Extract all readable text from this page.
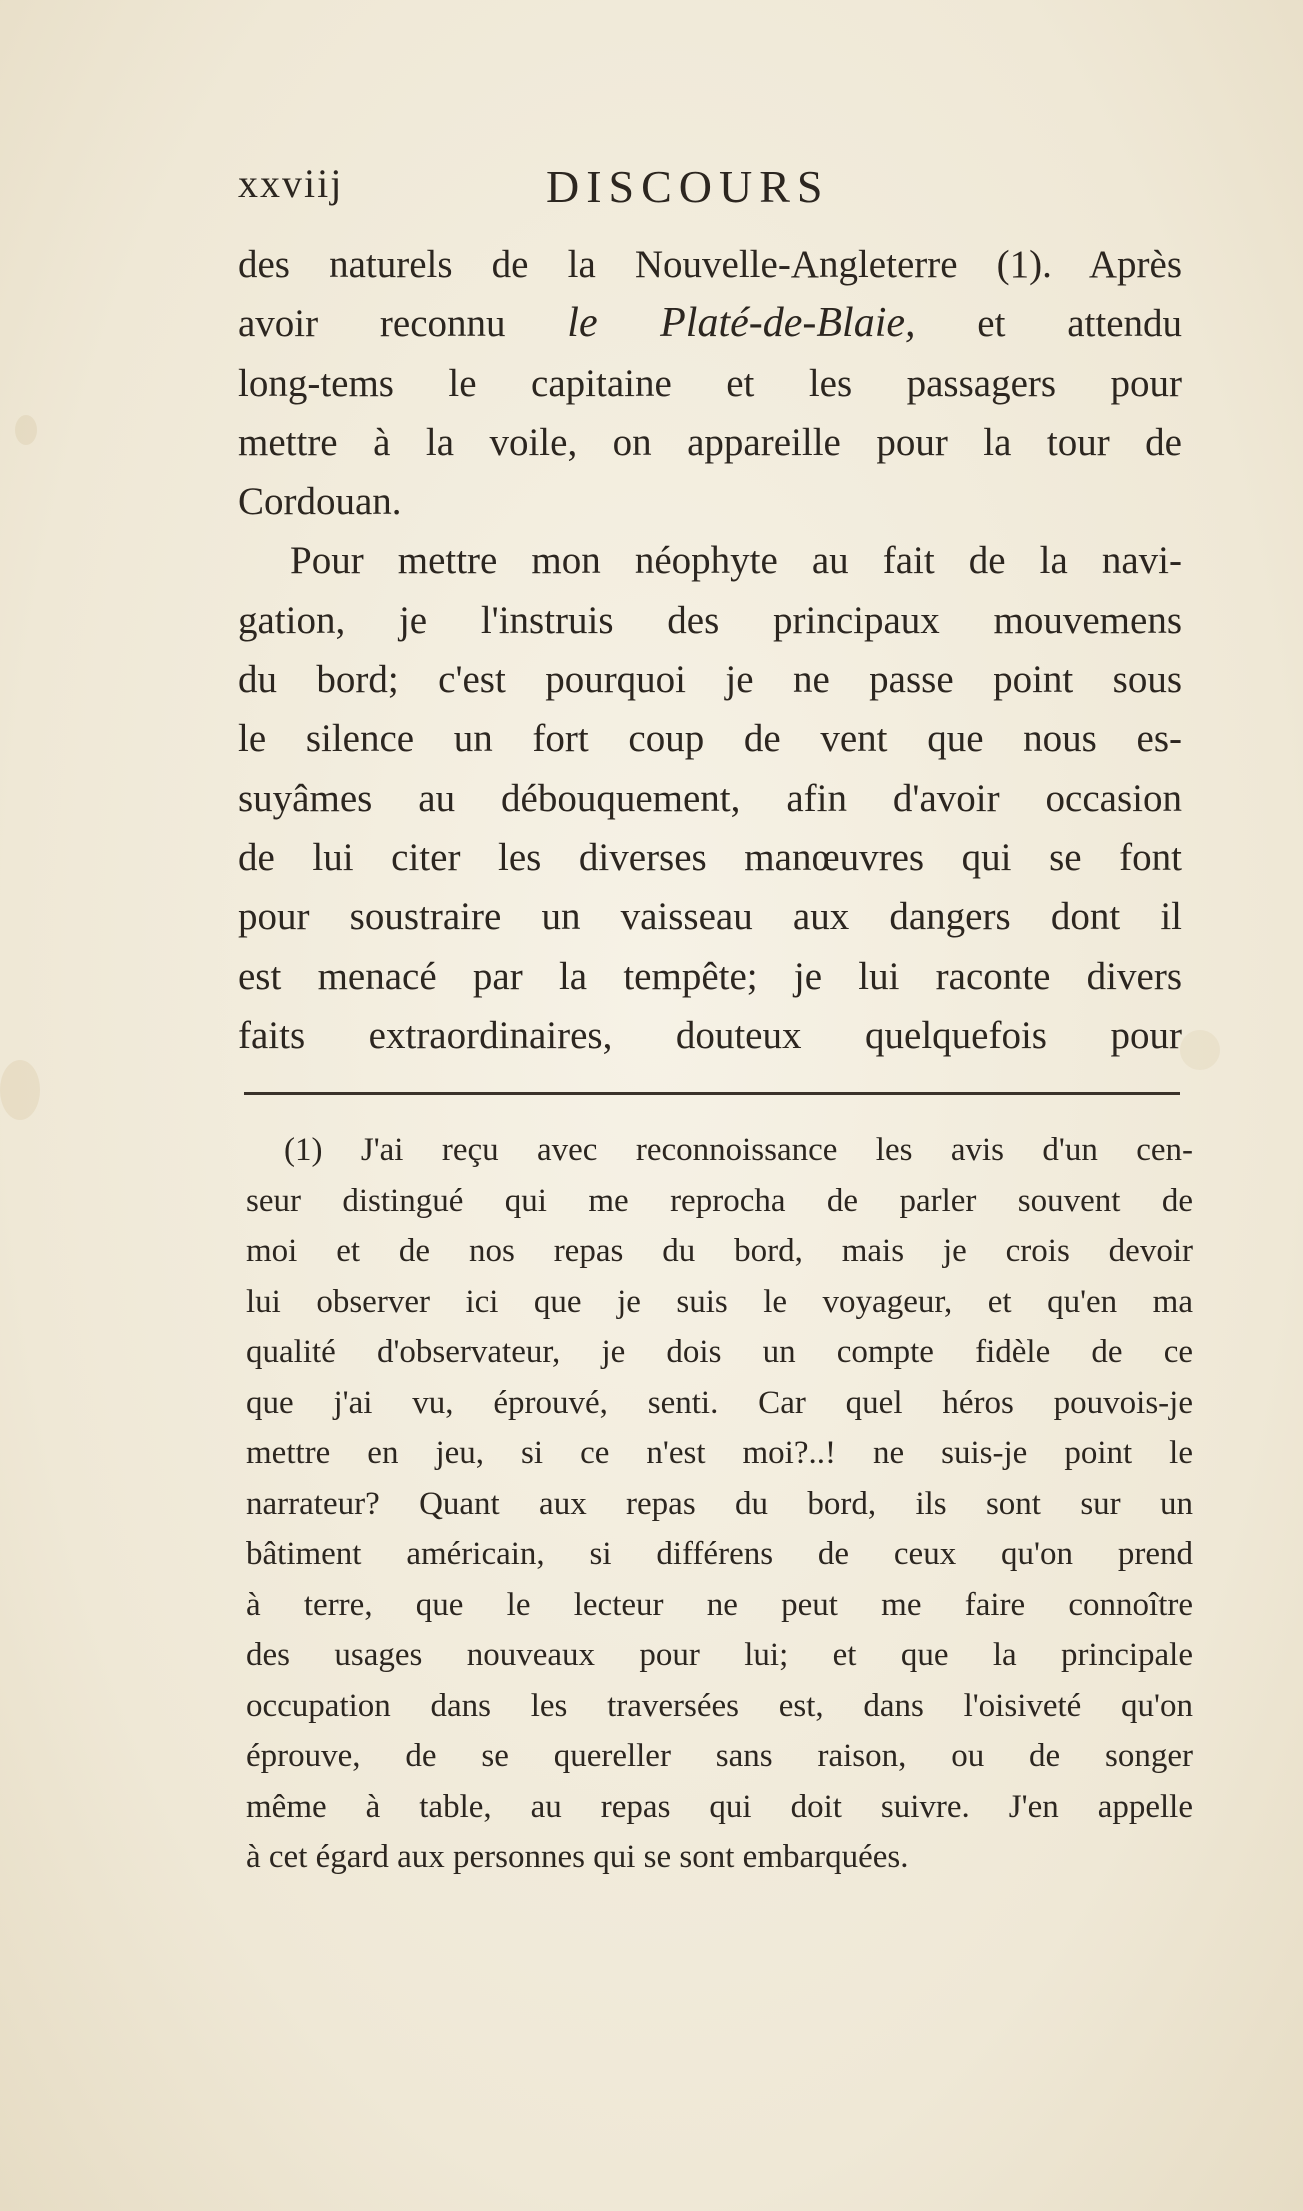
xxviij	DISCOURS
des naturels de la Nouvelle-Angleterre (1). Après
avoir reconnu le Platé-de-Blaie, et attendu
long-tems le capitaine et les passagers pour
mettre à la voile, on appareille pour la tour de
Cordouan.
Pour mettre mon néophyte au fait de la navi-
gation, je l'instruis des principaux mouvemens
du bord; c'est pourquoi je ne passe point sous
le silence un fort coup de vent que nous es-
suyâmes au débouquement, afin d'avoir occasion
de lui citer les diverses manœuvres qui se font
pour soustraire un vaisseau aux dangers dont il
est menacé par la tempête; je lui raconte divers
faits extraordinaires, douteux quelquefois pour
(1) J'ai reçu avec reconnoissance les avis d'un cen-
seur distingué qui me reprocha de parler souvent de
moi et de nos repas du bord, mais je crois devoir
lui observer ici que je suis le voyageur, et qu'en ma
qualité d'observateur, je dois un compte fidèle de ce
que j'ai vu, éprouvé, senti. Car quel héros pouvois-je
mettre en jeu, si ce n'est moi?..! ne suis-je point le
narrateur? Quant aux repas du bord, ils sont sur un
bâtiment américain, si différens de ceux qu'on prend
à terre, que le lecteur ne peut me faire connoître
des usages nouveaux pour lui; et que la principale
occupation dans les traversées est, dans l'oisiveté qu'on
éprouve, de se quereller sans raison, ou de songer
même à table, au repas qui doit suivre. J'en appelle
à cet égard aux personnes qui se sont embarquées.
